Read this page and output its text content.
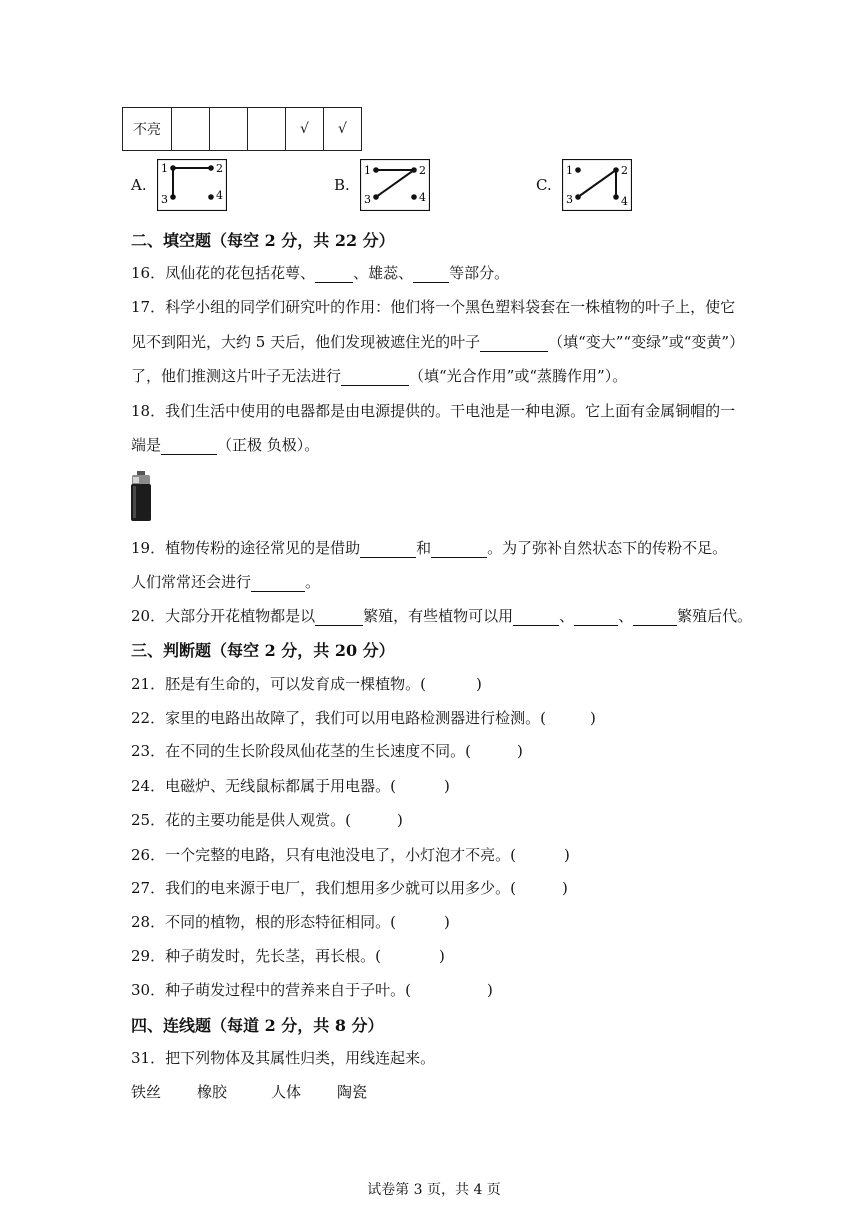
不亮				√	√
A.
1	2
3	4
B.
1	2
3	4
C.
1	2
3	4
二、填空题（每空 2 分，共 22 分）
16．凤仙花的花包括花萼、	、雄蕊、 等部分。
17．科学小组的同学们研究叶的作用：他们将一个黑色塑料袋套在一株植物的叶子上，使它
见不到阳光，大约 5 天后，他们发现被遮住光的叶子	（填“变大”“变绿”或“变黄”）
了，他们推测这片叶子无法进行	（填“光合作用”或“蒸腾作用”）。
18．我们生活中使用的电器都是由电源提供的。干电池是一种电源。它上面有金属铜帽的一
端是	（正极 负极）。
19．植物传粉的途径常见的是借助	和	。为了弥补自然状态下的传粉不足。
人们常常还会进行	。
20．大部分开花植物都是以	繁殖，有些植物可以用	、	、	繁殖后代。
三、判断题（每空 2 分，共 20 分）
21．胚是有生命的，可以发育成一棵植物。(	)
22．家里的电路出故障了，我们可以用电路检测器进行检测。(	)
23．在不同的生长阶段凤仙花茎的生长速度不同。(	)
24．电磁炉、无线鼠标都属于用电器。(	)
25．花的主要功能是供人观赏。(	)
26．一个完整的电路，只有电池没电了，小灯泡才不亮。(	)
27．我们的电来源于电厂，我们想用多少就可以用多少。(	)
28．不同的植物，根的形态特征相同。(	)
29．种子萌发时，先长茎，再长根。(	)
30．种子萌发过程中的营养来自于子叶。(	)
四、连线题（每道 2 分，共 8 分）
31．把下列物体及其属性归类，用线连起来。
铁丝 橡胶	人体 陶瓷
试卷第 3 页，共 4 页
